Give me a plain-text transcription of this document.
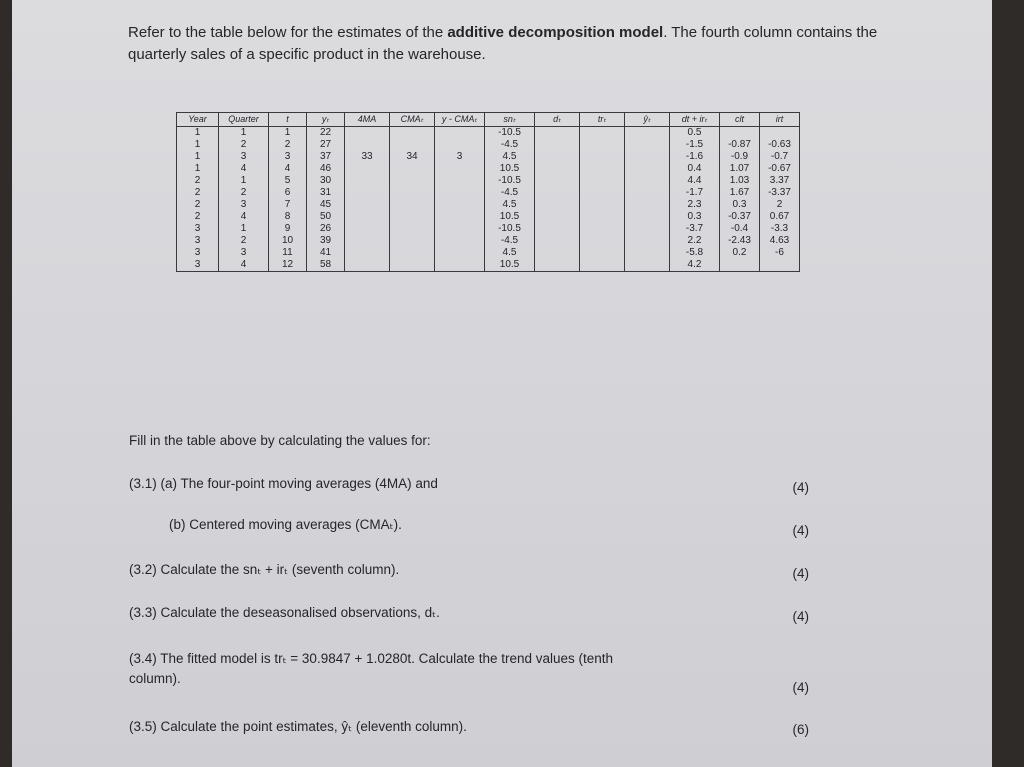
Refer to the table below for the estimates of the additive decomposition model. The fourth column contains the quarterly sales of a specific product in the warehouse.
Year	Quarter	t	yₜ	4MA	CMAₜ	y - CMAₜ	snₜ	dₜ	trₜ	ŷₜ	dt + irₜ	clt	irt
1	1	1	22				-10.5				0.5		
1	2	2	27				-4.5				-1.5	-0.87	-0.63
1	3	3	37	33	34	3	4.5				-1.6	-0.9	-0.7
1	4	4	46				10.5				0.4	1.07	-0.67
2	1	5	30				-10.5				4.4	1.03	3.37
2	2	6	31				-4.5				-1.7	1.67	-3.37
2	3	7	45				4.5				2.3	0.3	2
2	4	8	50				10.5				0.3	-0.37	0.67
3	1	9	26				-10.5				-3.7	-0.4	-3.3
3	2	10	39				-4.5				2.2	-2.43	4.63
3	3	11	41				4.5				-5.8	0.2	-6
3	4	12	58				10.5				4.2		
Fill in the table above by calculating the values for:
(3.1) (a) The four-point moving averages (4MA) and	(4)
(b) Centered moving averages (CMAₜ).	(4)
(3.2) Calculate the snₜ + irₜ (seventh column).	(4)
(3.3) Calculate the deseasonalised observations, dₜ.	(4)
(3.4) The fitted model is trₜ = 30.9847 + 1.0280t. Calculate the trend values (tenth
column).
(4)
(3.5) Calculate the point estimates, ŷₜ (eleventh column).	(6)
